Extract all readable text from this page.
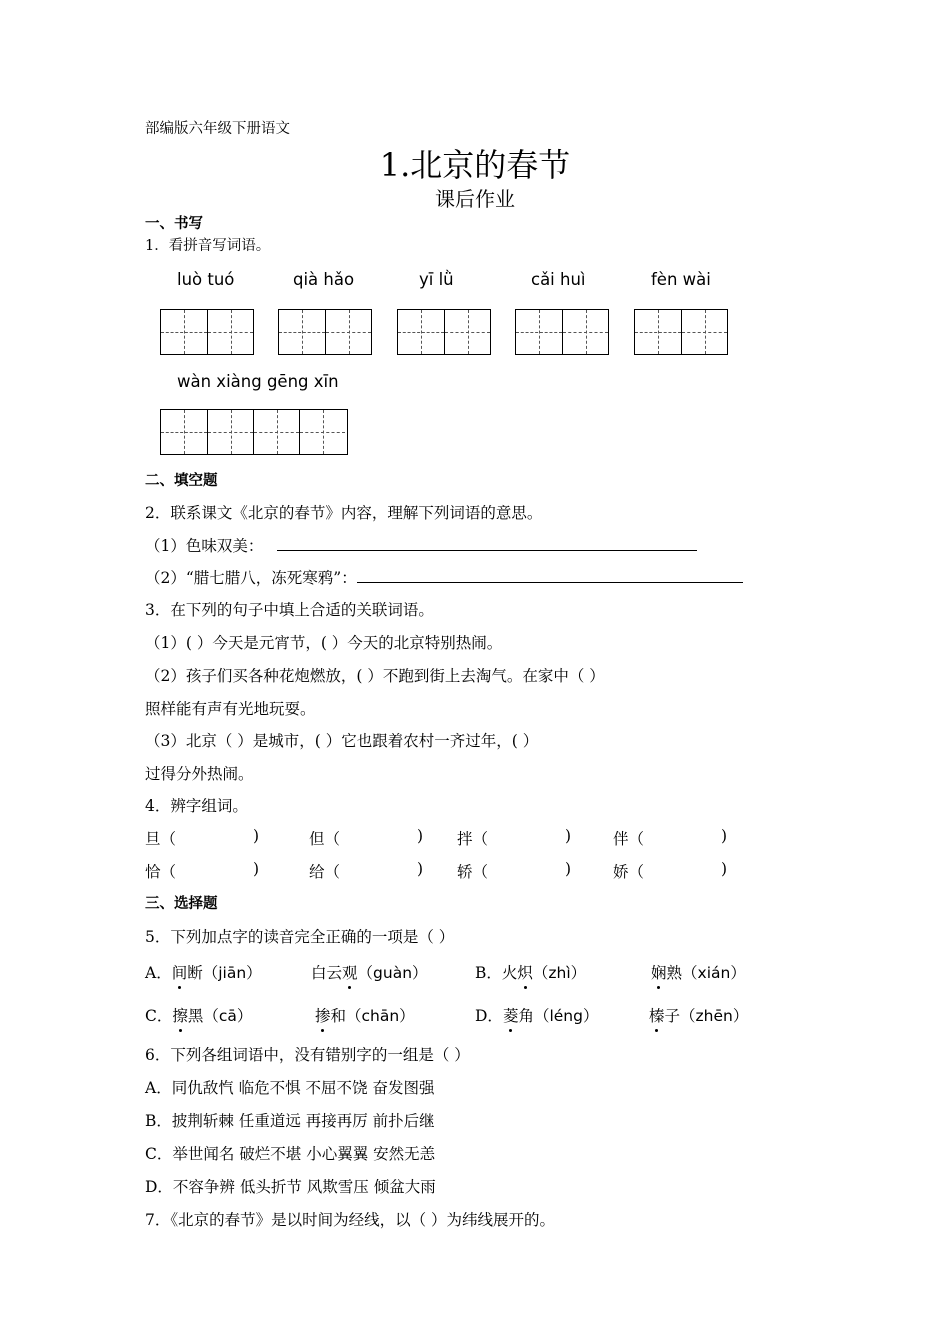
部编版六年级下册语文
1.北京的春节
课后作业
一、书写
1．看拼音写词语。
luò tuó	qià hǎo	yī lǜ	cǎi huì	fèn wài
wàn xiàng gēng xīn
二、填空题
2．联系课文《北京的春节》内容，理解下列词语的意思。
（1）色味双美：
（2）“腊七腊八，冻死寒鸦”：
3．在下列的句子中填上合适的关联词语。
（1）( ）今天是元宵节，( ）今天的北京特别热闹。
（2）孩子们买各种花炮燃放，( ）不跑到街上去淘气。在家中（ ）
照样能有声有光地玩耍。
（3）北京（ ）是城市，( ）它也跟着农村一齐过年，( ）
过得分外热闹。
4．辨字组词。
旦（	)	但（	) 拌（	)	伴（	)
恰（	)	给（	) 轿（	)	娇（	)
三、选择题
5．下列加点字的读音完全正确的一项是（ ）
A．间断（jiān）	白云观（guàn）	B．火炽（zhì）	娴熟（xián）
C．擦黑（cā）	掺和（chān）	D．菱角（léng）	榛子（zhēn）
6．下列各组词语中，没有错别字的一组是（ ）
A．同仇敌忾 临危不惧 不屈不饶 奋发图强
B．披荆斩棘 任重道远 再接再厉 前扑后继
C．举世闻名 破烂不堪 小心翼翼 安然无恙
D．不容争辨 低头折节 风欺雪压 倾盆大雨
7．《北京的春节》是以时间为经线，以（ ）为纬线展开的。
